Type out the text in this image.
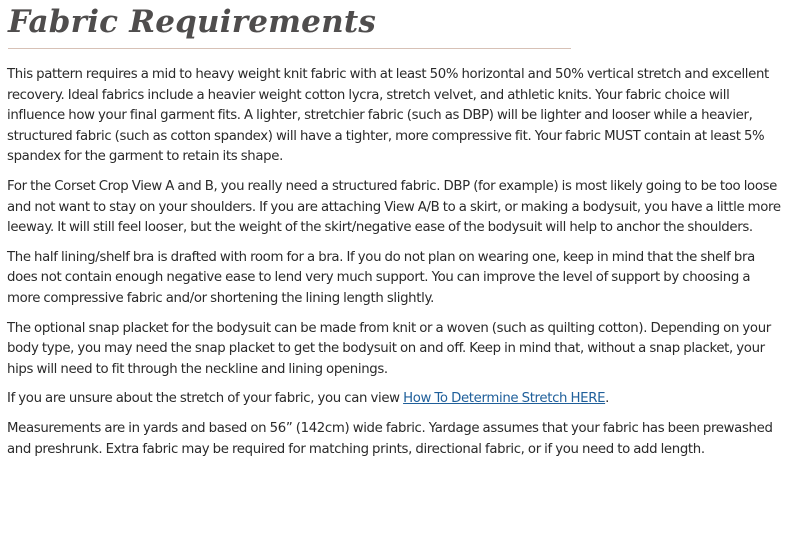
Fabric Requirements

This pattern requires a mid to heavy weight knit fabric with at least 50% horizontal and 50% vertical stretch and excellent recovery. Ideal fabrics include a heavier weight cotton lycra, stretch velvet, and athletic knits. Your fabric choice will influence how your final garment fits. A lighter, stretchier fabric (such as DBP) will be lighter and looser while a heavier, structured fabric (such as cotton spandex) will have a tighter, more compressive fit. Your fabric MUST contain at least 5% spandex for the garment to retain its shape.

For the Corset Crop View A and B, you really need a structured fabric. DBP (for example) is most likely going to be too loose and not want to stay on your shoulders. If you are attaching View A/B to a skirt, or making a bodysuit, you have a little more leeway. It will still feel looser, but the weight of the skirt/negative ease of the bodysuit will help to anchor the shoulders.

The half lining/shelf bra is drafted with room for a bra. If you do not plan on wearing one, keep in mind that the shelf bra does not contain enough negative ease to lend very much support. You can improve the level of support by choosing a more compressive fabric and/or shortening the lining length slightly.

The optional snap placket for the bodysuit can be made from knit or a woven (such as quilting cotton). Depending on your body type, you may need the snap placket to get the bodysuit on and off. Keep in mind that, without a snap placket, your hips will need to fit through the neckline and lining openings.

If you are unsure about the stretch of your fabric, you can view How To Determine Stretch HERE.

Measurements are in yards and based on 56” (142cm) wide fabric. Yardage assumes that your fabric has been prewashed and preshrunk. Extra fabric may be required for matching prints, directional fabric, or if you need to add length.
